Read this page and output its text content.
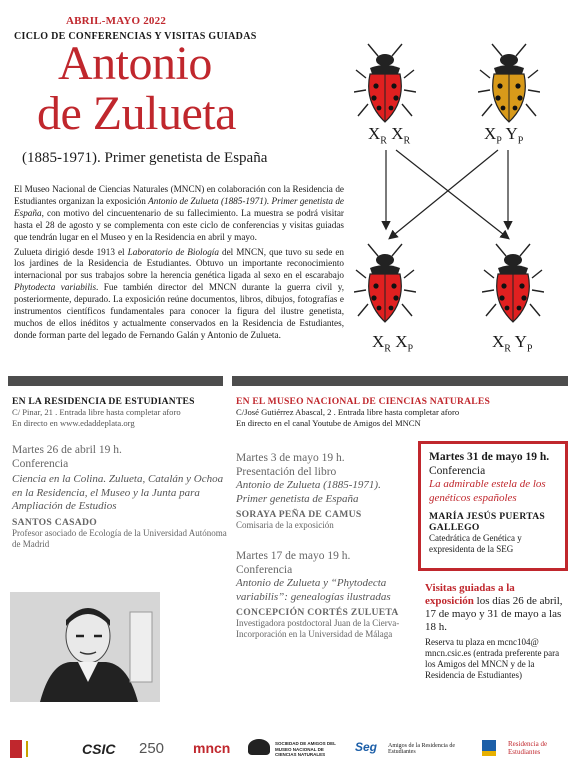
ABRIL-MAYO 2022
CICLO DE CONFERENCIAS Y VISITAS GUIADAS
Antonio
de Zulueta
(1885-1971). Primer genetista de España

El Museo Nacional de Ciencias Naturales (MNCN) en colaboración con la Residencia de Estudiantes organizan la exposición Antonio de Zulueta (1885-1971). Primer genetista de España, con motivo del cincuentenario de su fallecimiento. La muestra se podrá visitar hasta el 28 de agosto y se complementa con este ciclo de conferencias y visitas guiadas que tendrán lugar en el Museo y en la Residencia en abril y mayo.

Zulueta dirigió desde 1913 el Laboratorio de Biología del MNCN, que tuvo su sede en los jardines de la Residencia de Estudiantes. Obtuvo un importante reconocimiento internacional por sus trabajos sobre la herencia genética ligada al sexo en el escarabajo Phytodecta variabilis. Fue también director del MNCN durante la guerra civil y, posteriormente, depurado. La exposición reúne documentos, libros, dibujos, fotografías e instrumentos científicos fundamentales para conocer la figura del ilustre genetista, muchos de ellos inéditos y actualmente conservados en la Residencia de Estudiantes, donde forman parte del legado de Fernando Galán y Antonio de Zulueta.

$X_R$ $X_R$	$X_P$ $Y_P$
$X_R$ $X_P$	$X_R$ $Y_P$
EN LA RESIDENCIA DE ESTUDIANTES
C/ Pinar, 21 . Entrada libre hasta completar aforo
En directo en www.edaddeplata.org
Martes 26 de abril 19 h.
Conferencia
Ciencia en la Colina. Zulueta, Catalán y Ochoa en la Residencia, el Museo y la Junta para Ampliación de Estudios
SANTOS CASADO
Profesor asociado de Ecología de la Universidad Autónoma de Madrid
EN EL MUSEO NACIONAL DE CIENCIAS NATURALES
C/José Gutiérrez Abascal, 2 . Entrada libre hasta completar aforo
En directo en el canal Youtube de Amigos del MNCN
Martes 3 de mayo 19 h.
Presentación del libro
Antonio de Zulueta (1885-1971). Primer genetista de España
SORAYA PEÑA DE CAMUS
Comisaria de la exposición
Martes 17 de mayo 19 h.
Conferencia
Antonio de Zulueta y “Phytodecta variabilis”: genealogías ilustradas
CONCEPCIÓN CORTÉS ZULUETA
Investigadora postdoctoral Juan de la Cierva-Incorporación en la Universidad de Málaga
Martes 31 de mayo 19 h.
Conferencia
La admirable estela de los genéticos españoles
MARÍA JESÚS PUERTAS GALLEGO
Catedrática de Genética y expresidenta de la SEG
Visitas guiadas a la exposición los días 26 de abril, 17 de mayo y 31 de mayo a las 18 h.
Reserva tu plaza en mcnc104@ mncn.csic.es (entrada preferente para los Amigos del MNCN y de la Residencia de Estudiantes)
CSIC 250 mncn	SOCIEDAD DE AMIGOS DEL MUSEO NACIONAL DE CIENCIAS NATURALES
Seg Amigos de la Residencia de Estudiantes
Residencia de Estudiantes
